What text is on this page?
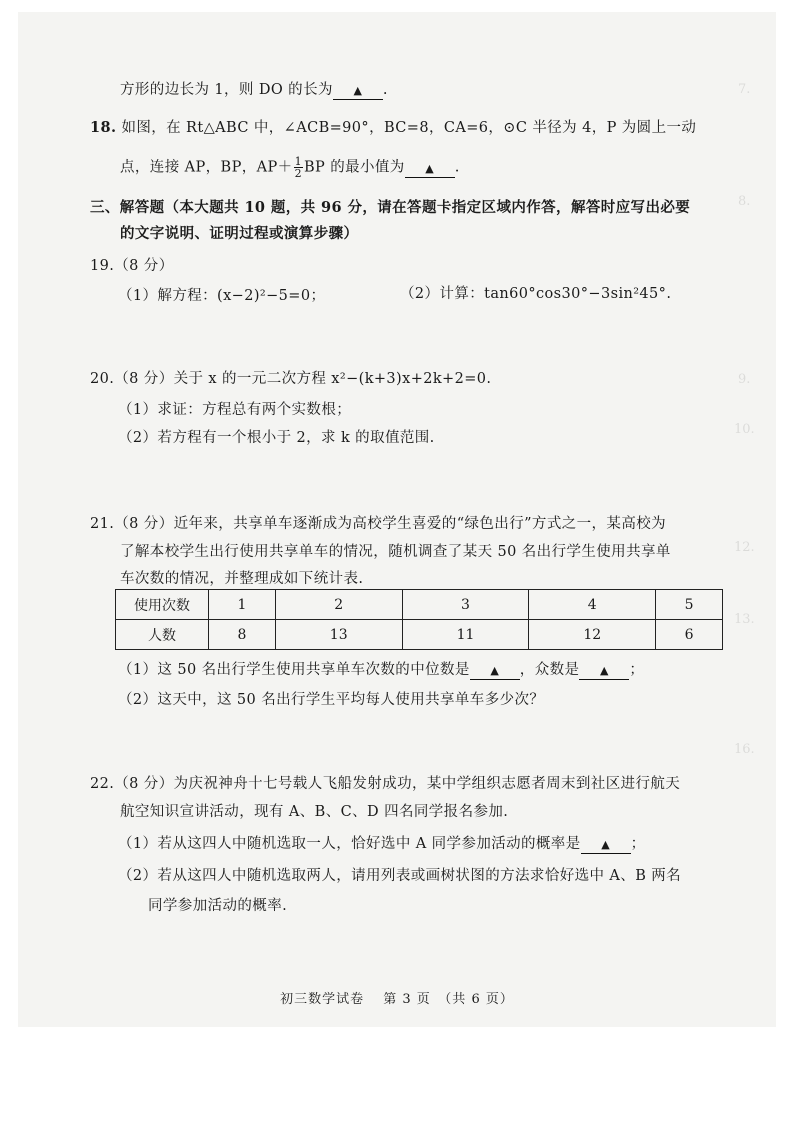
7.
8.
9.
10.
12.
13.
16.
方形的边长为 1，则 DO 的长为 ▲ .
18. 如图，在 Rt△ABC 中，∠ACB=90°，BC=8，CA=6，⊙C 半径为 4，P 为圆上一动
点，连接 AP，BP，$AP+ \frac{1}{2}$ BP 的最小值为 ▲ .
三、解答题（本大题共 10 题，共 96 分，请在答题卡指定区域内作答，解答时应写出必要
的文字说明、证明过程或演算步骤）
19.（8 分）
（1）解方程：(x−2)²−5=0；	（2）计算：tan60°cos30°−3sin²45°.
20.（8 分）关于 x 的一元二次方程 x²−(k+3)x+2k+2=0.
（1）求证：方程总有两个实数根；
（2）若方程有一个根小于 2，求 k 的取值范围.
21.（8 分）近年来，共享单车逐渐成为高校学生喜爱的“绿色出行”方式之一，某高校为
了解本校学生出行使用共享单车的情况，随机调查了某天 50 名出行学生使用共享单
车次数的情况，并整理成如下统计表.
使用次数	1	2	3	4	5
人数	8	13	11	12	6
（1）这 50 名出行学生使用共享单车次数的中位数是 ▲ ，众数是 ▲ ；
（2）这天中，这 50 名出行学生平均每人使用共享单车多少次？
22.（8 分）为庆祝神舟十七号载人飞船发射成功，某中学组织志愿者周末到社区进行航天
航空知识宣讲活动，现有 A、B、C、D 四名同学报名参加.
（1）若从这四人中随机选取一人，恰好选中 A 同学参加活动的概率是 ▲ ；
（2）若从这四人中随机选取两人，请用列表或画树状图的方法求恰好选中 A、B 两名
同学参加活动的概率.
初三数学试卷　 第 3 页　（共 6 页）
